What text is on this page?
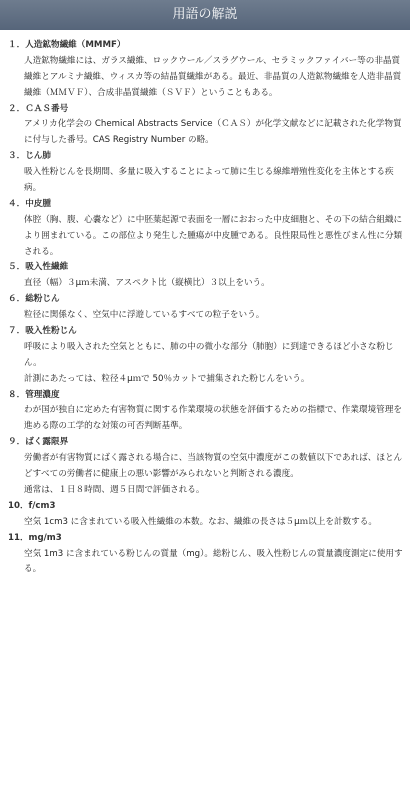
用語の解説

１．人造鉱物繊維（MMMF）

人造鉱物繊維には、ガラス繊維、ロックウール／スラグウール、セラミックファイバー等の非晶質繊維とアルミナ繊維、ウィスカ等の結晶質繊維がある。最近、非晶質の人造鉱物繊維を人造非晶質繊維（ＭＭＶＦ）、合成非晶質繊維（ＳＶＦ）ということもある。

２．ＣＡＳ番号

アメリカ化学会の Chemical Abstracts Service（ＣＡＳ）が化学文献などに記載された化学物質に付与した番号。CAS Registry Number の略。

３．じん肺

吸入性粉じんを長期間、多量に吸入することによって肺に生じる線維増殖性変化を主体とする疾病。

４．中皮腫

体腔（胸、腹、心嚢など）に中胚葉起源で表面を一層におおった中皮細胞と、その下の結合組織により囲まれている。この部位より発生した腫瘍が中皮腫である。良性限局性と悪性びまん性に分類される。

５．吸入性繊維

直径（幅）３μｍ未満、アスペクト比（縦横比）３以上をいう。

６．総粉じん

粒径に関係なく、空気中に浮遊しているすべての粒子をいう。

７．吸入性粉じん

呼吸により吸入された空気とともに、肺の中の微小な部分（肺胞）に到達できるほど小さな粉じん。

計測にあたっては、粒径４μｍで 50％カットで捕集された粉じんをいう。

８．管理濃度

わが国が独自に定めた有害物質に関する作業環境の状態を評価するための指標で、作業環境管理を進める際の工学的な対策の可否判断基準。

９．ばく露限界

労働者が有害物質にばく露される場合に、当該物質の空気中濃度がこの数値以下であれば、ほとんどすべての労働者に健康上の悪い影響がみられないと判断される濃度。

通常は、１日８時間、週５日間で評価される。

10．f/cm3

空気 1cm3 に含まれている吸入性繊維の本数。なお、繊維の長さは５μｍ以上を計数する。

11．mg/m3

空気 1m3 に含まれている粉じんの質量（mg）。総粉じん、吸入性粉じんの質量濃度測定に使用する。
